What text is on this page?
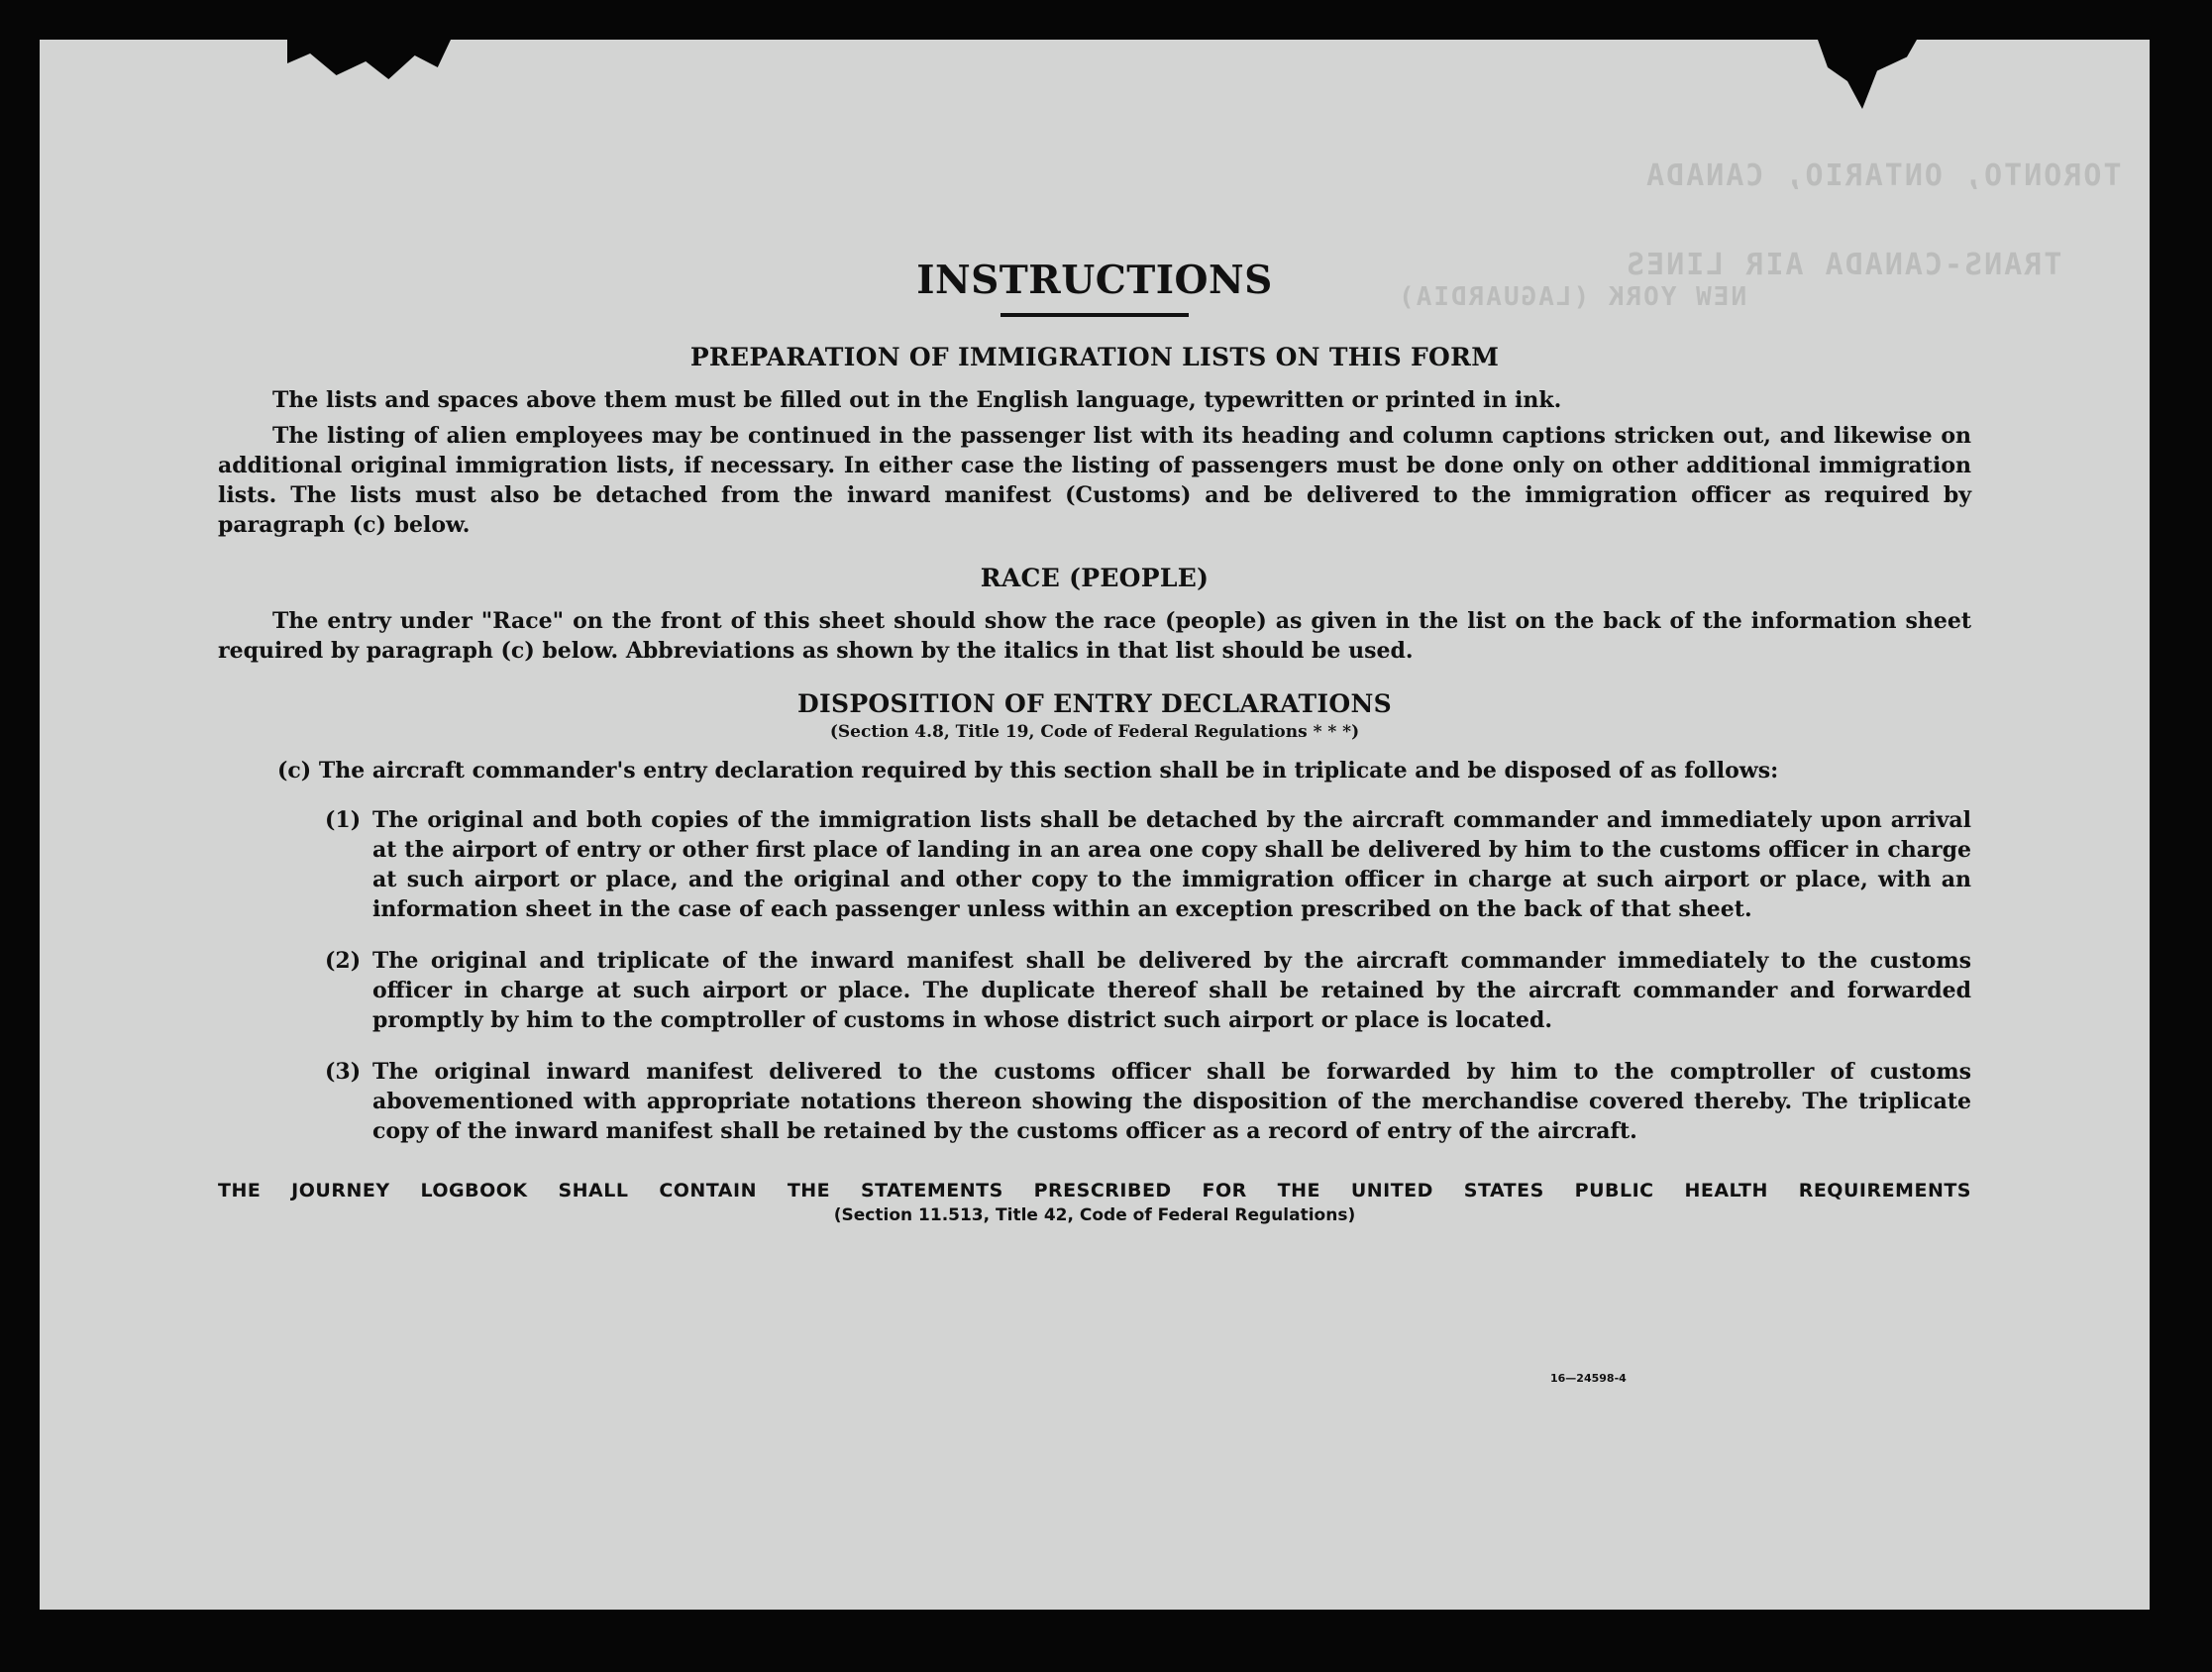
TORONTO, ONTARIO, CANADA
TRANS-CANADA AIR LINES
NEW YORK (LAGUARDIA)
INSTRUCTIONS
PREPARATION OF IMMIGRATION LISTS ON THIS FORM

The lists and spaces above them must be filled out in the English language, typewritten or printed in ink.

The listing of alien employees may be continued in the passenger list with its heading and column captions stricken out, and likewise on additional original immigration lists, if necessary. In either case the listing of passengers must be done only on other additional immigration lists. The lists must also be detached from the inward manifest (Customs) and be delivered to the immigration officer as required by paragraph (c) below.

RACE (PEOPLE)

The entry under "Race" on the front of this sheet should show the race (people) as given in the list on the back of the information sheet required by paragraph (c) below. Abbreviations as shown by the italics in that list should be used.

DISPOSITION OF ENTRY DECLARATIONS
(Section 4.8, Title 19, Code of Federal Regulations * * *)

(c) The aircraft commander's entry declaration required by this section shall be in triplicate and be disposed of as follows:

(1) The original and both copies of the immigration lists shall be detached by the aircraft commander and immediately upon arrival at the airport of entry or other first place of landing in an area one copy shall be delivered by him to the customs officer in charge at such airport or place, and the original and other copy to the immigration officer in charge at such airport or place, with an information sheet in the case of each passenger unless within an exception prescribed on the back of that sheet.

(2) The original and triplicate of the inward manifest shall be delivered by the aircraft commander immediately to the customs officer in charge at such airport or place. The duplicate thereof shall be retained by the aircraft commander and forwarded promptly by him to the comptroller of customs in whose district such airport or place is located.

(3) The original inward manifest delivered to the customs officer shall be forwarded by him to the comptroller of customs abovementioned with appropriate notations thereon showing the disposition of the merchandise covered thereby. The triplicate copy of the inward manifest shall be retained by the customs officer as a record of entry of the aircraft.

THE JOURNEY LOGBOOK SHALL CONTAIN THE STATEMENTS PRESCRIBED FOR THE UNITED STATES PUBLIC HEALTH REQUIREMENTS
(Section 11.513, Title 42, Code of Federal Regulations)
16—24598-4
